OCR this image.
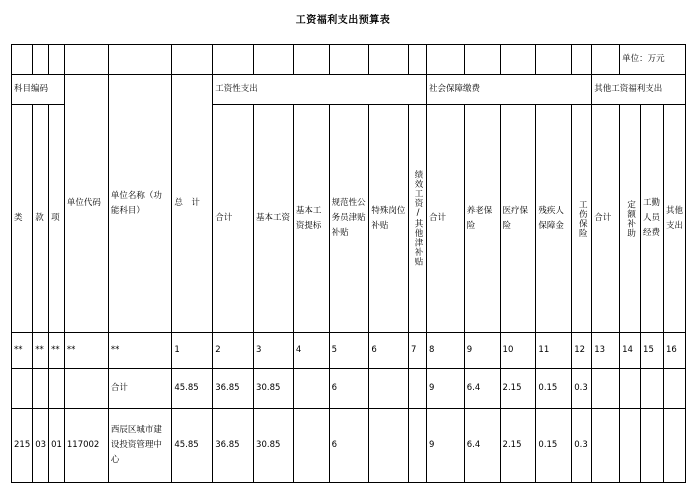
工资福利支出预算表
																		单位：万元		
科目编码			单位代码	单位名称（功能科目）	总　计	工资性支出						社会保障缴费					其他工资福利支出			
类	款	项				合计	基本工资	基本工资提标	规范性公务员津贴补贴	特殊岗位补贴	绩效工资/其他津补贴	合计	养老保险	医疗保险	残疾人保障金	工伤保险	合计	定额补助	工勤人员经费	其他支出
**	**	**	**	**	1	2	3	4	5	6	7	8	9	10	11	12	13	14	15	16
				合计	45.85	36.85	30.85		6			9	6.4	2.15	0.15	0.3				
215	03	01	117002	西辰区城市建设投资管理中心	45.85	36.85	30.85		6			9	6.4	2.15	0.15	0.3				
